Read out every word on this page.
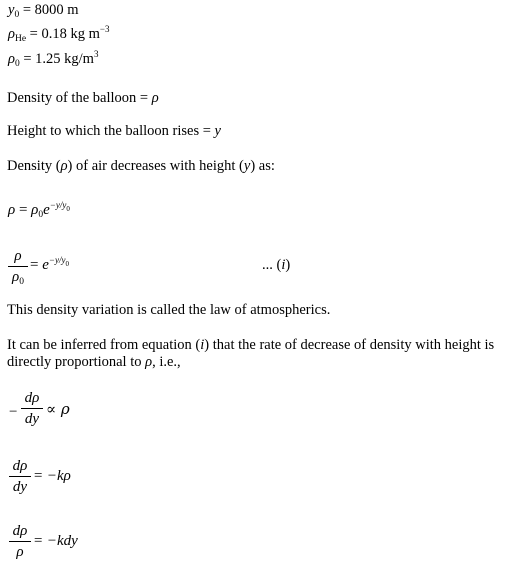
$y_0 = 8000$ m
$\rho_{He} = 0.18$ kg $m^{-3}$
$\rho_0 = 1.25$ $kg/m^3$

Density of the balloon = ρ

Height to which the balloon rises = y

Density (ρ) of air decreases with height (y) as:

$\rho = \rho_0e^{-y/y0}$
ρ
$\rho_0$
= $e^{-y/y0}$	... (i)

This density variation is called the law of atmospherics.

It can be inferred from equation (i) that the rate of decrease of density with height is directly proportional to ρ, i.e.,

−
dρ
dy
∝ ρ
dρ
dy
= −kρ
dρ
ρ
= −kdy
